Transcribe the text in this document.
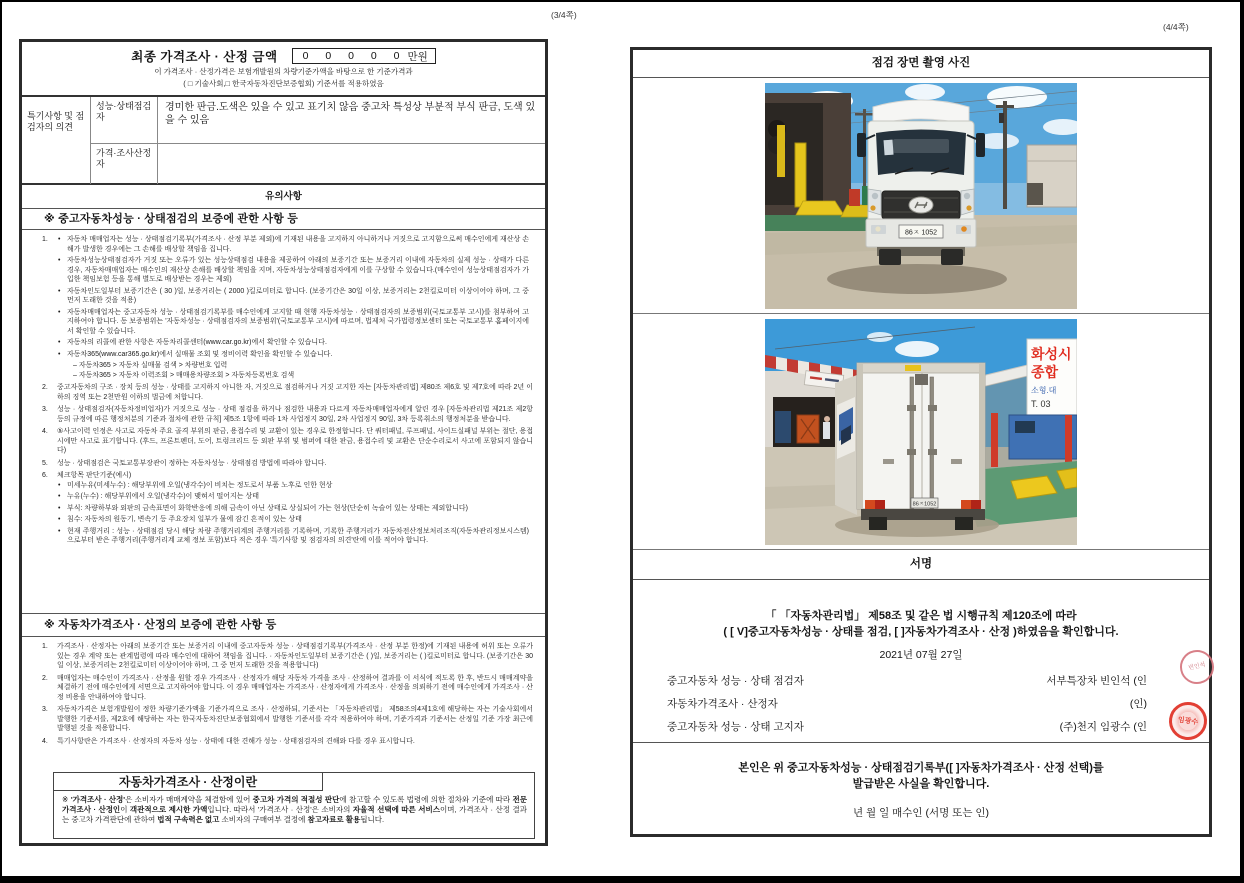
(3/4쪽)
(4/4쪽)
최종 가격조사 · 산정 금액 0 0 0 0 0 만원
이 가격조사 · 산정가격은 보험개발원의 차량기준가액을 바탕으로 한 기준가격과
( □ 기술사회,□ 한국자동차진단보증협회) 기준서를 적용하였음
특기사항 및 점검자의 의견
성능·상태점검자
경미한 판금.도색은 있을 수 있고 표기치 않음 중고차 특성상 부분적 부식 판금, 도색 있을 수 있음
가격·조사산정자
유의사항
※ 중고자동차성능 · 상태점검의 보증에 관한 사항 등
1.	• 자동차 매매업자는 성능 · 상태점검기록부(가격조사 · 산정 부분 제외)에 기재된 내용을 고지하지 아니하거나 거짓으로 고지함으로써 매수인에게 재산상 손해가 발생한 경우에는 그 손해를 배상할 책임을 집니다.
• 자동차성능상태점검자가 거짓 또는 오류가 있는 성능상태점검 내용을 제공하여 아래의 보증기간 또는 보증거리 이내에 자동차의 실제 성능 · 상태가 다른 경우, 자동차매매업자는 매수인의 재산상 손해를 배상할 책임을 지며, 자동차성능상태점검자에게 이를 구상할 수 있습니다.(매수인이 성능상태점검자가 가입한 책임보험 등을 통해 별도로 배상받는 경우는 제외)
• 자동차인도일부터 보증기간은 ( 30 )일, 보증거리는 ( 2000 )킬로미터로 합니다. (보증기간은 30일 이상, 보증거리는 2천킬로미터 이상이어야 하며, 그 중 먼저 도래한 것을 적용)
• 자동차매매업자는 중고자동차 성능 · 상태점검기록부를 매수인에게 고지할 때 현행 자동차성능 · 상태점검자의 보증범위(국토교통부 고시)를 첨부하여 고지하여야 합니다. 동 보증범위는 '자동차성능 · 상태점검자의 보증범위'(국토교통부 고시)에 따르며, 법제처 국가법령정보센터 또는 국토교통부 홈페이지에서 확인할 수 있습니다.
• 자동차의 리콜에 관한 사항은 자동차리콜센터(www.car.go.kr)에서 확인할 수 있습니다.
• 자동차365(www.car365.go.kr)에서 실매물 조회 및 정비이력 확인을 확인할 수 있습니다.
– 자동차365 > 자동차 실매물 검색 > 차량번호 입력
– 자동차365 > 자동차 이력조회 > 매매용차량조회 > 자동차등록번호 검색
2.	중고자동차의 구조 · 장치 등의 성능 · 상태를 고지하지 아니한 자, 거짓으로 점검하거나 거짓 고지한 자는 [자동차관리법] 제80조 제6호 및 제7호에 따라 2년 이하의 징역 또는 2천만원 이하의 벌금에 처합니다.
3.	성능 · 상태점검자(자동차정비업자)가 거짓으로 성능 · 상태 점검을 하거나 점검한 내용과 다르게 자동차매매업자에게 알린 경우 [자동차관리법 제21조 제2항 등의 규정에 따른 행정처분의 기준과 절차에 관한 규칙] 제5조 1항에 따라 1차 사업정지 30일, 2차 사업정지 90일, 3차 등록취소의 행정처분을 받습니다.
4.	⑤사고이력 인정은 사고로 자동차 주요 골격 부위의 판금, 용접수리 및 교환이 있는 경우로 한정합니다. 단 쿼터패널, 루프패널, 사이드실패널 부위는 절단, 용접 시에만 사고로 표기합니다. (후드, 프론트펜더, 도어, 트렁크리드 등 외판 부위 및 범퍼에 대한 판금, 용접수리 및 교환은 단순수리로서 사고에 포함되지 않습니다)
5.	성능 · 상태점검은 국토교통부장관이 정하는 자동차성능 · 상태점검 방법에 따라야 합니다.
6.	체크항목 판단기준(예시)
• 미세누유(미세누수) : 해당부위에 오일(냉각수)이 비치는 정도로서 부품 노후로 인한 현상
• 누유(누수) : 해당부위에서 오일(냉각수)이 맺혀서 떨어지는 상태
• 부식: 차량하부와 외판의 금속표면이 화학반응에 의해 금속이 아닌 상태로 상실되어 가는 현상(단순히 녹슬어 있는 상태는 제외합니다)
• 침수: 자동차의 원동기, 변속기 등 주요장치 일부가 물에 잠긴 흔적이 있는 상태
• 현재 주행거리 : 성능 · 상태점검 당시 해당 차량 주행거리계의 주행거리를 기록하며, 기록한 주행거리가 자동차전산정보처리조직(자동차관리정보시스템)으로부터 받은 주행거리(주행거리계 교체 정보 포함)보다 적은 경우 '특기사항 및 점검자의 의견'란에 이를 적어야 합니다.
※ 자동차가격조사 · 산정의 보증에 관한 사항 등
1.	가격조사 · 산정자는 아래의 보증기간 또는 보증거리 이내에 중고자동차 성능 · 상태점검기록부(가격조사 · 산정 부분 한정)에 기재된 내용에 허위 또는 오류가 있는 경우 계약 또는 관계법령에 따라 매수인에 대하여 책임을 집니다. · 자동차인도일부터 보증기간은 ( )일, 보증거리는 ( )킬로미터로 합니다. (보증기간은 30일 이상, 보증거리는 2천킬로미터 이상이어야 하며, 그 중 먼저 도래한 것을 적용합니다)
2.	매매업자는 매수인이 가격조사 · 산정을 원할 경우 가격조사 · 산정자가 해당 자동차 가격을 조사 · 산정하여 결과를 이 서식에 적도록 한 후, 반드시 매매계약을 체결하기 전에 매수인에게 서면으로 고지하여야 합니다. 이 경우 매매업자는 가격조사 · 산정자에게 가격조사 · 산정을 의뢰하기 전에 매수인에게 가격조사 · 산정 비용을 안내하여야 합니다.
3.	자동차가격은 보험개발원이 정한 차량기준가액을 기준가격으로 조사 · 산정하되, 기준서는 「자동차관리법」 제58조의4제1호에 해당하는 자는 기술사회에서 발행한 기준서를, 제2호에 해당하는 자는 한국자동차진단보증협회에서 발행한 기준서를 각각 적용하여야 하며, 기준가격과 기준서는 산정일 기준 가장 최근에 발행된 것을 적용합니다.
4.	특기사항란은 가격조사 · 산정자의 자동차 성능 · 상태에 대한 견해가 성능 · 상태점검자의 견해와 다를 경우 표시합니다.
자동차가격조사 · 산정이란
※ '가격조사 · 산정'은 소비자가 매매계약을 체결함에 있어 중고차 가격의 적절성 판단에 참고할 수 있도록 법령에 의한 절차와 기준에 따라 전문 가격조사 · 산정인이 객관적으로 제시한 가액입니다. 따라서 '가격조사 · 산정'은 소비자의 자율적 선택에 따른 서비스이며, 가격조사 · 산정 결과는 중고차 가격판단에 관하여 법적 구속력은 없고 소비자의 구매여부 결정에 참고자료로 활용됩니다.
점검 장면 촬영 사진
86ㅈ 1052
화성시
종합
소형.대
T. 03
86ㅈ1052
서명
「 「자동차관리법」 제58조 및 같은 법 시행규칙 제120조에 따라
( [ V]중고자동차성능 · 상태를 점검, [ ]자동차가격조사 · 산정 )하였음을 확인합니다.
2021년 07월 27일
중고자동차 성능 · 상태 점검자	서부특장차 빈인석 (인
자동차가격조사 · 산정자	(인)
중고자동차 성능 · 상태 고지자	(주)천지 임광수 (인
빈인석
임광수
본인은 위 중고자동차성능 · 상태점검기록부([ ]자동차가격조사 · 산정 선택)를
발급받은 사실을 확인합니다.
년 월 일 매수인 (서명 또는 인)
